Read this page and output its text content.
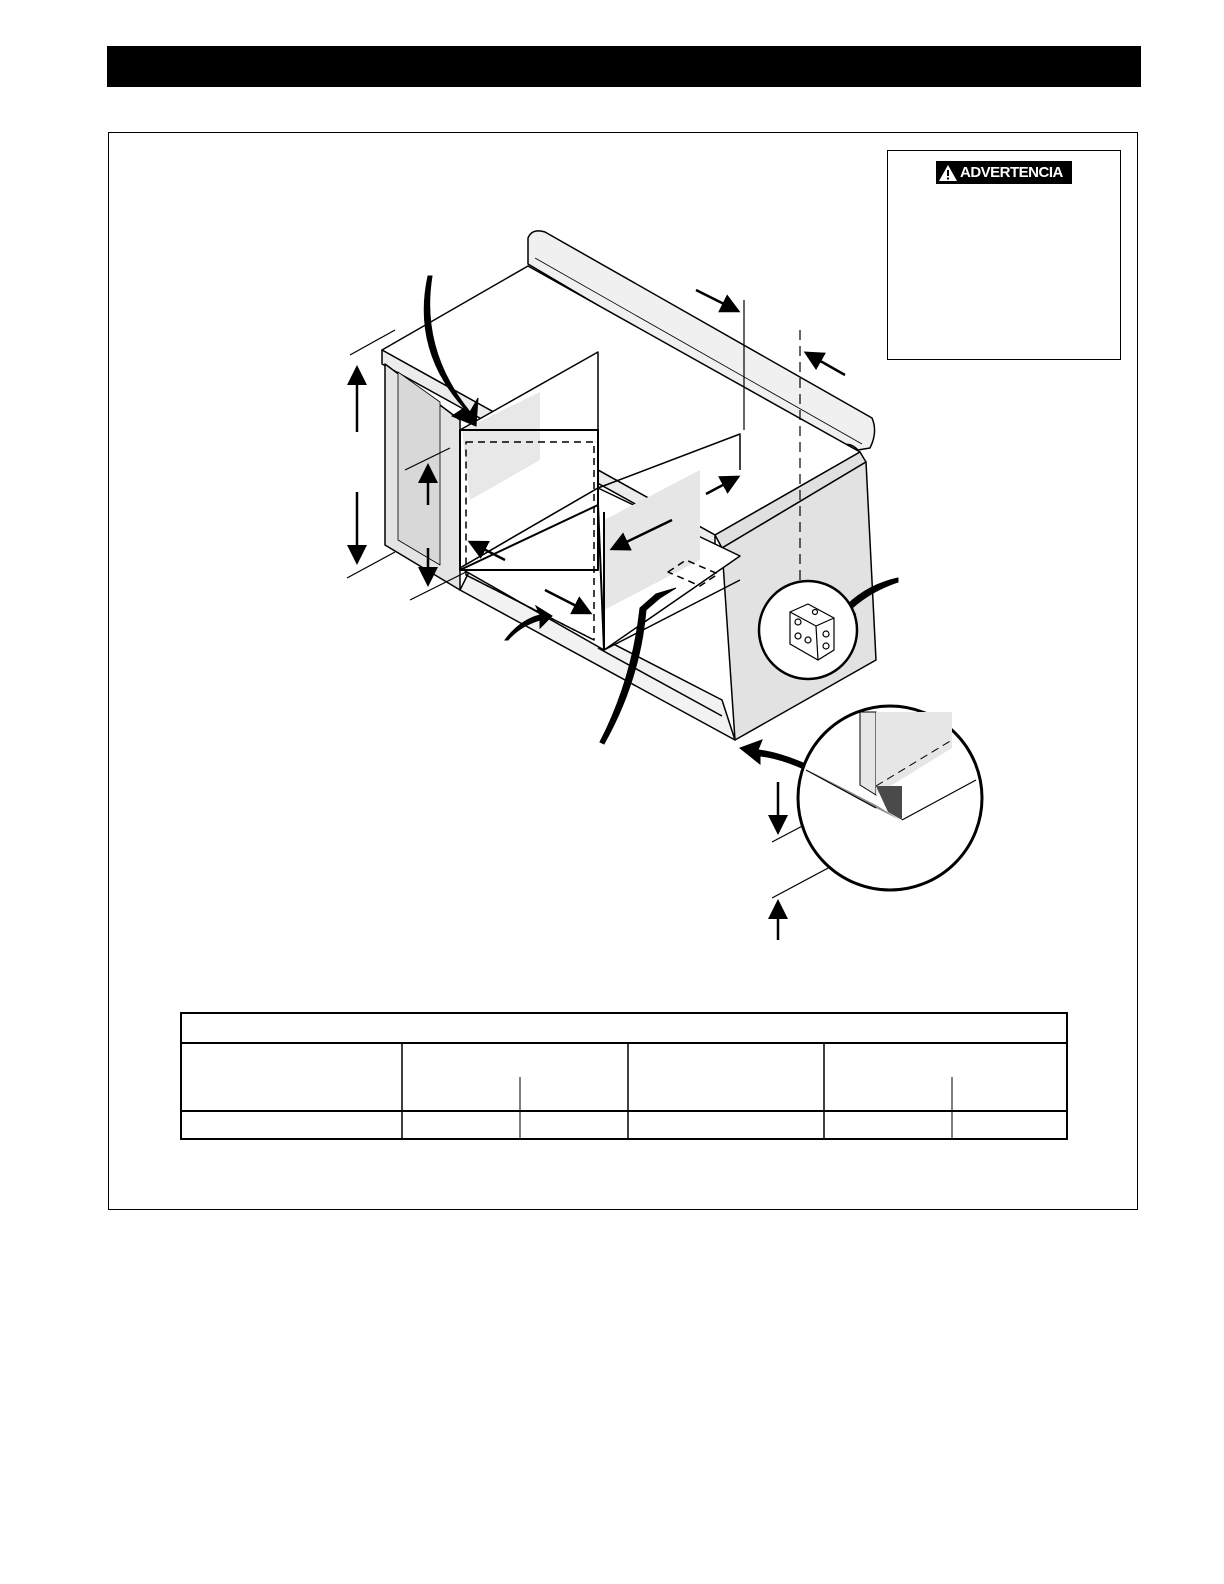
ADVERTENCIA
